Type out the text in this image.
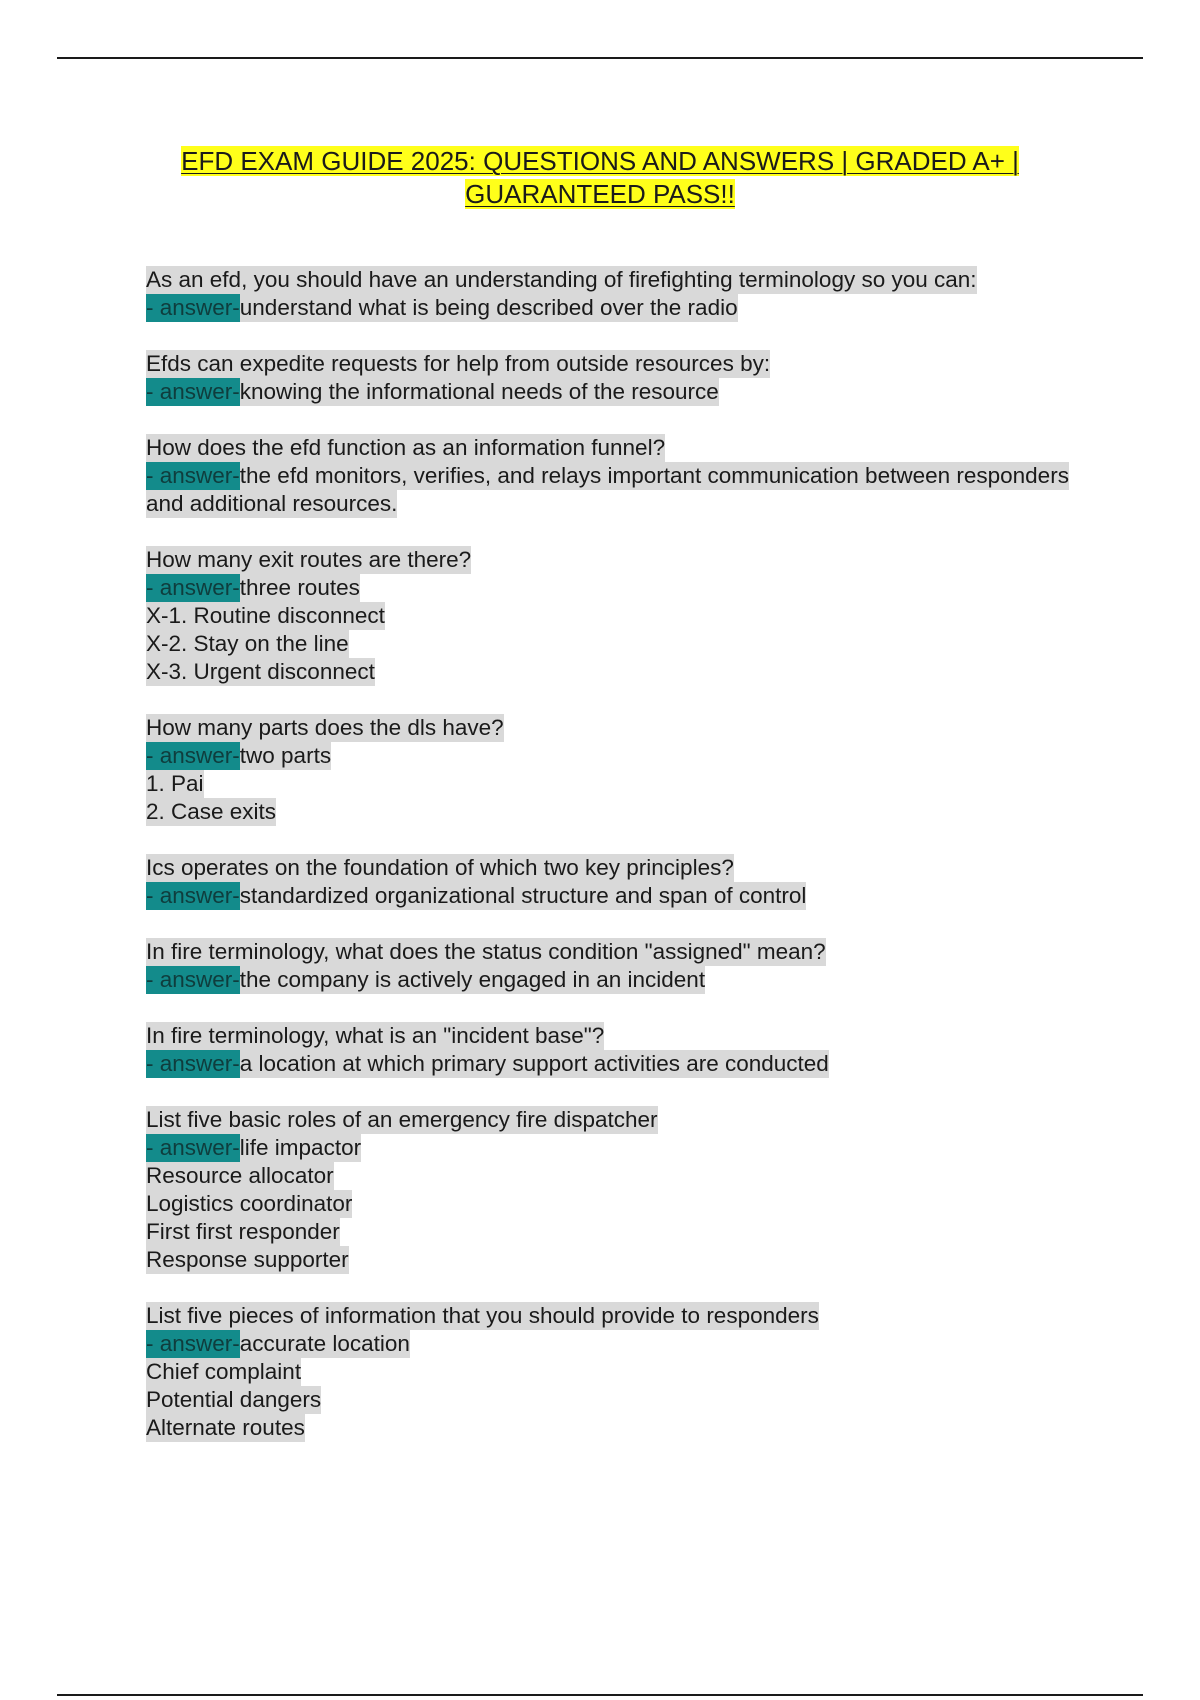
EFD EXAM GUIDE 2025: QUESTIONS AND ANSWERS | GRADED A+ |
GUARANTEED PASS!!
As an efd, you should have an understanding of firefighting terminology so you can:
- answer-understand what is being described over the radio
Efds can expedite requests for help from outside resources by:
- answer-knowing the informational needs of the resource
How does the efd function as an information funnel?
- answer-the efd monitors, verifies, and relays important communication between responders and additional resources.
How many exit routes are there?
- answer-three routes
X-1. Routine disconnect
X-2. Stay on the line
X-3. Urgent disconnect
How many parts does the dls have?
- answer-two parts
1. Pai
2. Case exits
Ics operates on the foundation of which two key principles?
- answer-standardized organizational structure and span of control
In fire terminology, what does the status condition "assigned" mean?
- answer-the company is actively engaged in an incident
In fire terminology, what is an "incident base"?
- answer-a location at which primary support activities are conducted
List five basic roles of an emergency fire dispatcher
- answer-life impactor
Resource allocator
Logistics coordinator
First first responder
Response supporter
List five pieces of information that you should provide to responders
- answer-accurate location
Chief complaint
Potential dangers
Alternate routes
